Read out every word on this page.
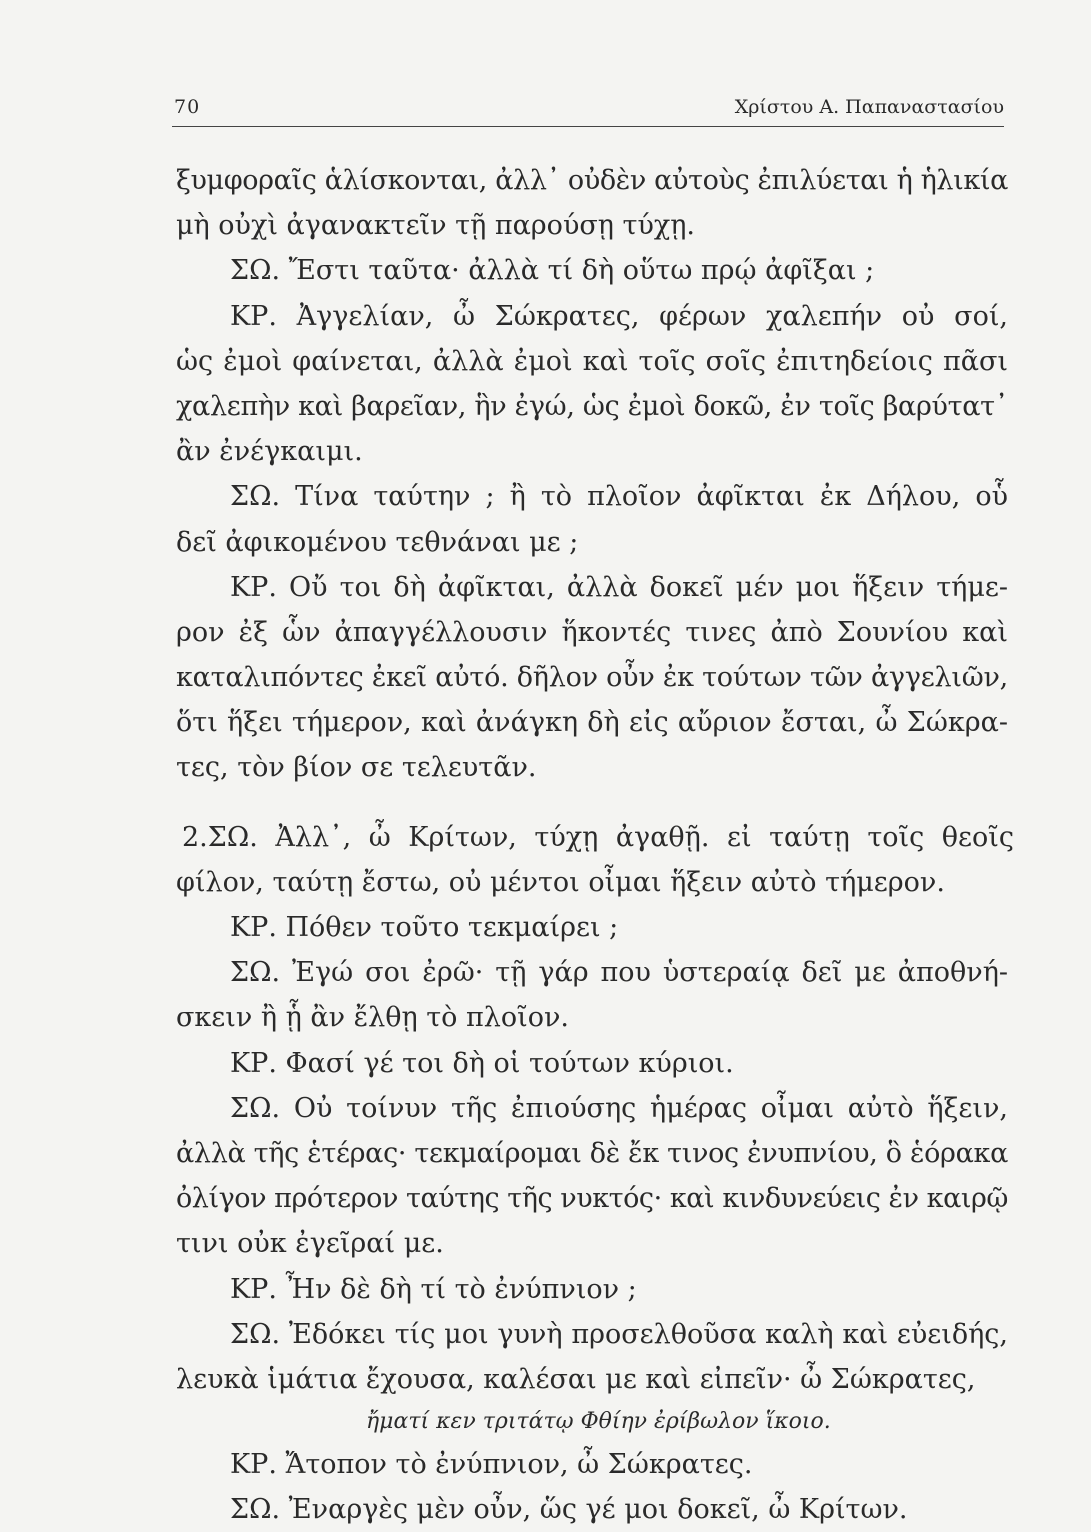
70	Χρίστου Α. Παπαναστασίου
ξυμφοραῖς ἁλίσκονται, ἀλλ᾿ οὐδὲν αὐτοὺς ἐπιλύεται ἡ ἡλικία
μὴ οὐχὶ ἀγανακτεῖν τῇ παρούσῃ τύχῃ.
ΣΩ. Ἔστι ταῦτα· ἀλλὰ τί δὴ οὕτω πρῴ ἀφῖξαι ;
ΚΡ. Ἀγγελίαν, ὦ Σώκρατες, φέρων χαλεπήν οὐ σοί,
ὡς ἐμοὶ φαίνεται, ἀλλὰ ἐμοὶ καὶ τοῖς σοῖς ἐπιτηδείοις πᾶσι
χαλεπὴν καὶ βαρεῖαν, ἣν ἐγώ, ὡς ἐμοὶ δοκῶ, ἐν τοῖς βαρύτατ᾿
ἂν ἐνέγκαιμι.
ΣΩ. Τίνα ταύτην ; ἢ τὸ πλοῖον ἀφῖκται ἐκ Δήλου, οὗ
δεῖ ἀφικομένου τεθνάναι με ;
ΚΡ. Οὔ τοι δὴ ἀφῖκται, ἀλλὰ δοκεῖ μέν μοι ἥξειν τήμε-
ρον ἐξ ὧν ἀπαγγέλλουσιν ἥκοντές τινες ἀπὸ Σουνίου καὶ
καταλιπόντες ἐκεῖ αὐτό. δῆλον οὖν ἐκ τούτων τῶν ἀγγελιῶν,
ὅτι ἥξει τήμερον, καὶ ἀνάγκη δὴ εἰς αὔριον ἔσται, ὦ Σώκρα-
τες, τὸν βίον σε τελευτᾶν.
2.ΣΩ. Ἀλλ᾿, ὦ Κρίτων, τύχῃ ἀγαθῇ. εἰ ταύτῃ τοῖς θεοῖς
φίλον, ταύτῃ ἔστω, οὐ μέντοι οἶμαι ἥξειν αὐτὸ τήμερον.
ΚΡ. Πόθεν τοῦτο τεκμαίρει ;
ΣΩ. Ἐγώ σοι ἐρῶ· τῇ γάρ που ὑστεραίᾳ δεῖ με ἀποθνή-
σκειν ἢ ᾗ ἂν ἔλθῃ τὸ πλοῖον.
ΚΡ. Φασί γέ τοι δὴ οἱ τούτων κύριοι.
ΣΩ. Οὐ τοίνυν τῆς ἐπιούσης ἡμέρας οἶμαι αὐτὸ ἥξειν,
ἀλλὰ τῆς ἑτέρας· τεκμαίρομαι δὲ ἔκ τινος ἐνυπνίου, ὃ ἑόρακα
ὀλίγον πρότερον ταύτης τῆς νυκτός· καὶ κινδυνεύεις ἐν καιρῷ
τινι οὐκ ἐγεῖραί με.
ΚΡ. Ἦν δὲ δὴ τί τὸ ἐνύπνιον ;
ΣΩ. Ἐδόκει τίς μοι γυνὴ προσελθοῦσα καλὴ καὶ εὐειδής,
λευκὰ ἱμάτια ἔχουσα, καλέσαι με καὶ εἰπεῖν· ὦ Σώκρατες,
ἤματί κεν τριτάτῳ Φθίην ἐρίβωλον ἵκοιο.
ΚΡ. Ἄτοπον τὸ ἐνύπνιον, ὦ Σώκρατες.
ΣΩ. Ἐναργὲς μὲν οὖν, ὥς γέ μοι δοκεῖ, ὦ Κρίτων.
